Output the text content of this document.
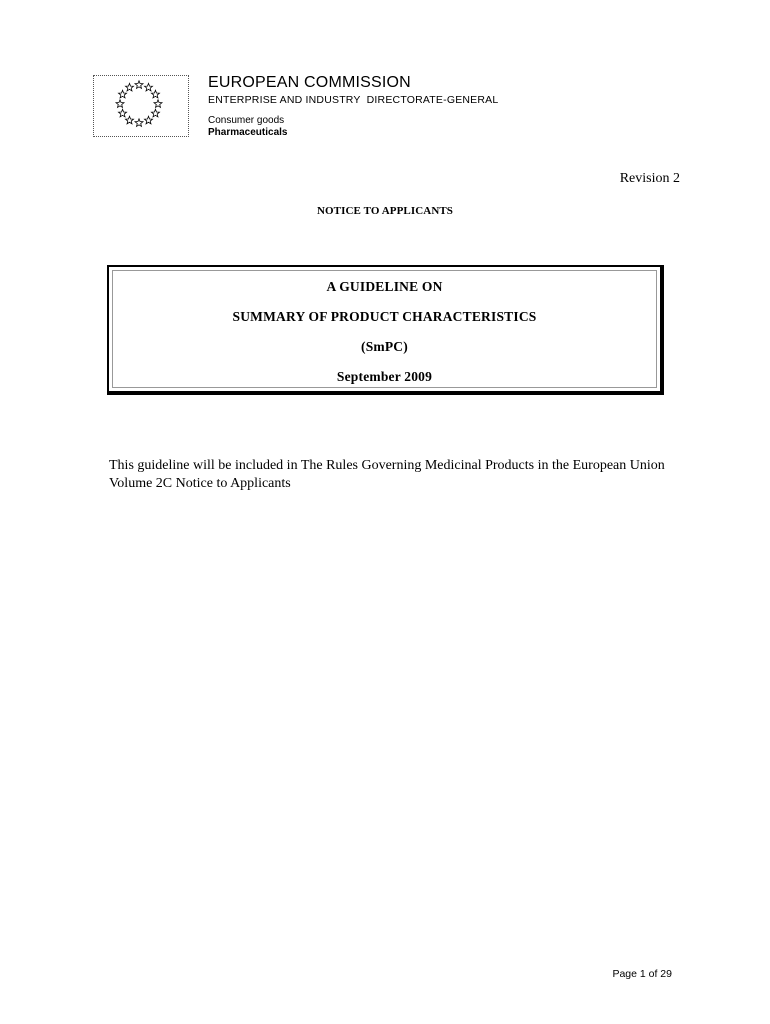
EUROPEAN COMMISSION
ENTERPRISE AND INDUSTRY  DIRECTORATE-GENERAL
Consumer goods
Pharmaceuticals
Revision 2
NOTICE TO APPLICANTS
A GUIDELINE ON
SUMMARY OF PRODUCT CHARACTERISTICS
(SmPC)
September 2009
This guideline will be included in The Rules Governing Medicinal Products in the European Union
Volume 2C Notice to Applicants
Page 1 of 29
